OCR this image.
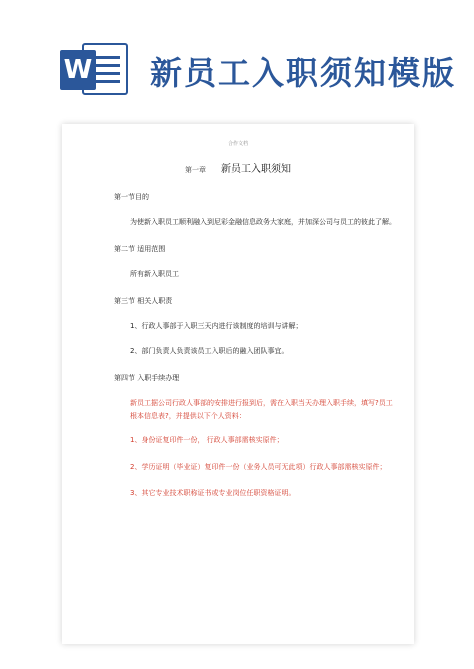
W 新员工入职须知模版
合作文档
第一章 新员工入职须知
第一节目的
为使新入职员工顺利融入到尼彩金融信息政务大家庭，并加深公司与员工的彼此了解。
第二节 适用范围
所有新入职员工
第三节 相关人职责
1、行政人事部于入职三天内进行该制度的培训与讲解；
2、部门负责人负责该员工入职后的融入团队事宜。
第四节 入职手续办理
新员工据公司行政人事部的安排进行报到后，需在入职当天办理入职手续，填写?员工
根本信息表?，并提供以下个人资料：
1、身份证复印件一份， 行政人事部需核实原件；
2、学历证明（毕业证）复印件一份（业务人员可无此项）行政人事部需核实原件；
3、其它专业技术职称证书或专业岗位任职资格证明。
